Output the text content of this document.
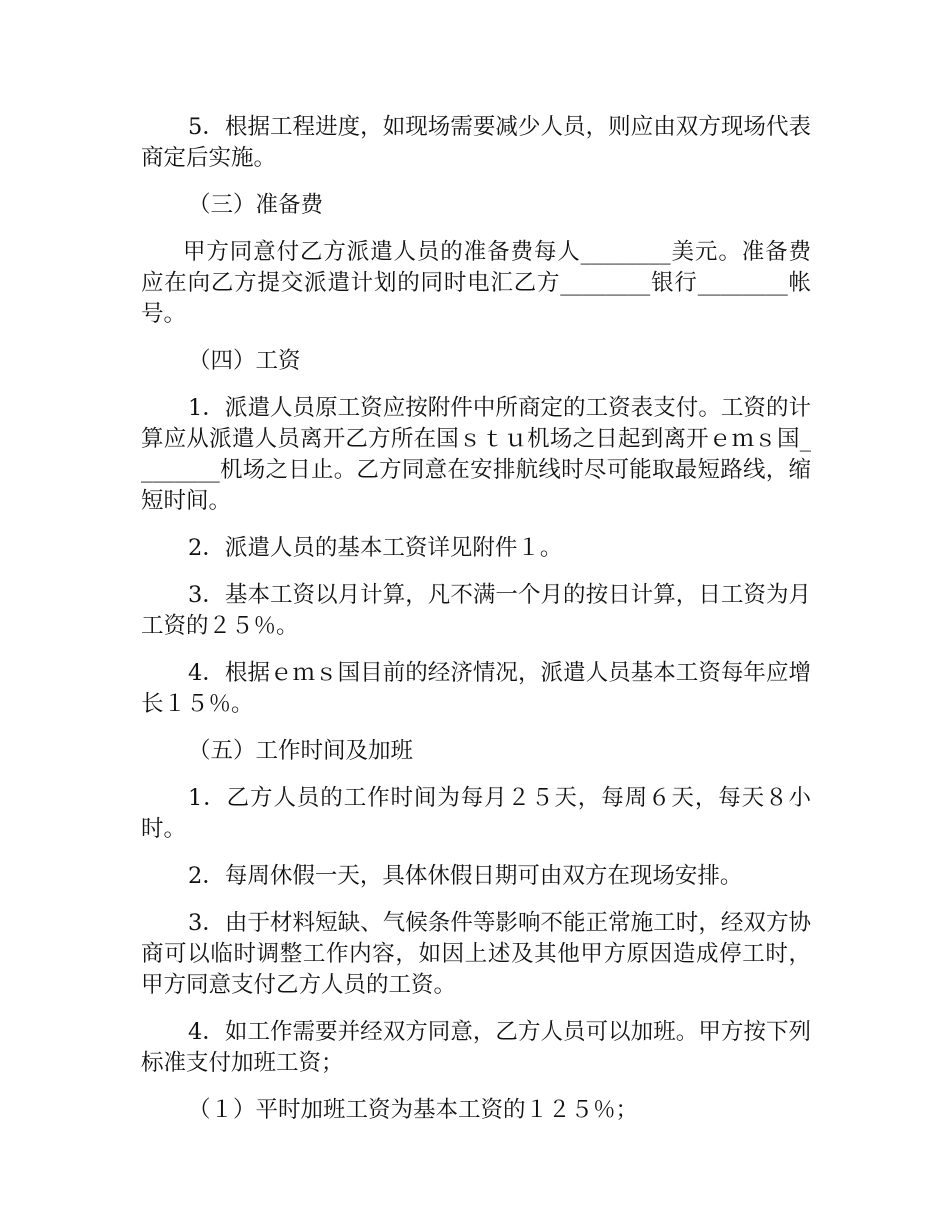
5．根据工程进度，如现场需要减少人员，则应由双方现场代表商定后实施。

（三）准备费

甲方同意付乙方派遣人员的准备费每人________美元。准备费应在向乙方提交派遣计划的同时电汇乙方________银行________帐号。

（四）工资

1．派遣人员原工资应按附件中所商定的工资表支付。工资的计算应从派遣人员离开乙方所在国ｓｔｕ机场之日起到离开ｅｍｓ国________机场之日止。乙方同意在安排航线时尽可能取最短路线，缩短时间。

2．派遣人员的基本工资详见附件１。

3．基本工资以月计算，凡不满一个月的按日计算，日工资为月工资的２５％。

4．根据ｅｍｓ国目前的经济情况，派遣人员基本工资每年应增长１５％。

（五）工作时间及加班

1．乙方人员的工作时间为每月２５天，每周６天，每天８小时。

2．每周休假一天，具体休假日期可由双方在现场安排。

3．由于材料短缺、气候条件等影响不能正常施工时，经双方协商可以临时调整工作内容，如因上述及其他甲方原因造成停工时，甲方同意支付乙方人员的工资。

4．如工作需要并经双方同意，乙方人员可以加班。甲方按下列标准支付加班工资；

（１）平时加班工资为基本工资的１２５％；
